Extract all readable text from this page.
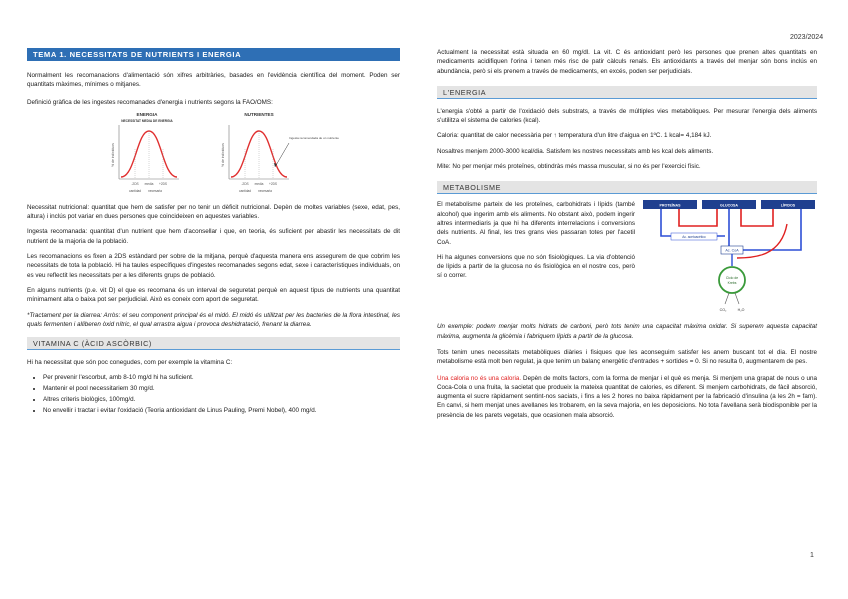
2023/2024
TEMA 1. NECESSITATS DE NUTRIENTS I ENERGIA

Normalment les recomanacions d'alimentació són xifres arbitràries, basades en l'evidència científica del moment. Poden ser quantitats màximes, mínimes o mitjanes.

Definició gràfica de les ingestes recomanades d'energia i nutrients segons la FAO/OMS:

ENERGIA
NECESSITAT MEDIA DE ENERGIA
% de individuos
-2DS media +2DS
cantidad necesaria
NUTRIENTES
% de individuos
Ingesta recomendada de un nutriente
-2DS media +2DS
cantidad necesaria

Necessitat nutricional: quantitat que hem de satisfer per no tenir un dèficit nutricional. Depèn de moltes variables (sexe, edat, pes, altura) i inclús pot variar en dues persones que coincideixen en aquestes variables.

Ingesta recomanada: quantitat d'un nutrient que hem d'aconsellar i que, en teoria, és suficient per abastir les necessitats de dit nutrient de la majoria de la població.

Les recomanacions es fixen a 2DS estàndard per sobre de la mitjana, perquè d'aquesta manera ens assegurem de que cobrim les necessitats de tota la població. Hi ha taules específiques d'ingestes recomanades segons edat, sexe i característiques individuals, on es veu reflectit les necessitats per a les diferents grups de població.

En alguns nutrients (p.e. vit D) el que es recomana és un interval de seguretat perquè en aquest tipus de nutrients una quantitat mínimament alta o baixa pot ser perjudicial. Això es coneix com aport de seguretat.

*Tractament per la diarrea: Arròs: el seu component principal és el midó. El midó és utilitzat per les bacteries de la flora intestinal, les quals fermenten i alliberen òxid nítric, el qual arrastra aigua i provoca deshidratació, frenant la diarrea.

VITAMINA C (ÀCID ASCÒRBIC)

Hi ha necessitat que són poc conegudes, com per exemple la vitamina C:

• Per prevenir l'escorbut, amb 8-10 mg/d hi ha suficient.
• Mantenir el pool necessitariem 30 mg/d.
• Altres criteris biològics, 100mg/d.
• No envellir i tractar i evitar l'oxidació (Teoria antioxidant de Linus Pauling, Premi Nobel), 400 mg/d.

Actualment la necessitat està situada en 60 mg/dl. La vit. C és antioxidant però les persones que prenen altes quantitats en medicaments acidifiquen l'orina i tenen més risc de patir càlculs renals. Els antioxidants a través del menjar són bons inclús en abundància, però si els prenem a través de medicaments, en excés, poden ser perjudicials.

L'ENERGIA

L'energia s'obté a partir de l'oxidació dels substrats, a través de múltiples vies metabòliques. Per mesurar l'energia dels aliments s'utilitza el sistema de calories (kcal).

Caloria: quantitat de calor necessària per ↑ temperatura d'un litre d'aigua en 1ºC. 1 kcal= 4,184 kJ.

Nosaltres menjem 2000-3000 kcal/dia. Satisfem les nostres necessitats amb les kcal dels aliments.

Mite: No per menjar més proteïnes, obtindràs més massa muscular, si no és per l'exercici físic.

METABOLISME

El metabolisme parteix de les proteïnes, carbohidrats i lípids (també alcohol) que ingerim amb els aliments. No obstant això, podem ingerir altres intermediaris ja que hi ha diferents interrelacions i conversions dels nutrients. Al final, les tres grans vies passaran totes per l'acetil CoA.

Hi ha algunes conversions que no són fisiològiques. La via d'obtenció de lípids a partir de la glucosa no és fisiològica en el nostre cos, però sí o correr.

PROTEÏNAS	GLUCOSA	LÍPIDOS
Ac. acetoacético
Ac. CoA
Ciclo de
Krebs
CO₂	H₂O

Un exemple: podem menjar molts hidrats de carboni, però tots tenim una capacitat màxima oxidar. Si superem aquesta capacitat màxima, augmenta la glicèmia i fabriquem lípids a partir de la glucosa.

Tots tenim unes necessitats metabòliques diàries i fisiques que les aconseguim satisfer les anem buscant tot el dia. El nostre metabolisme està molt ben regulat, ja que tenim un balanç energètic d'entrades + sortides = 0. Si no resulta 0, augmentarem de pes.

Una caloria no és una caloria. Depèn de molts factors, com la forma de menjar i el què es menja. Si menjem una grapat de nous o una Coca-Cola o una fruita, la sacietat que produeix la mateixa quantitat de calories, es diferent. Si menjem carbohidrats, de fàcil absorció, augmenta el sucre ràpidament sentint-nos saciats, i fins a les 2 hores no baixa ràpidament per la fabricació d'insulina (a les 2h = fam). En canvi, si hem menjat unes avellanes les trobarem, en la seva majoria, en les deposicions. No tota l'avellana serà biodisponible per la presència de les parets vegetals, que ocasionen mala absorció.

1
